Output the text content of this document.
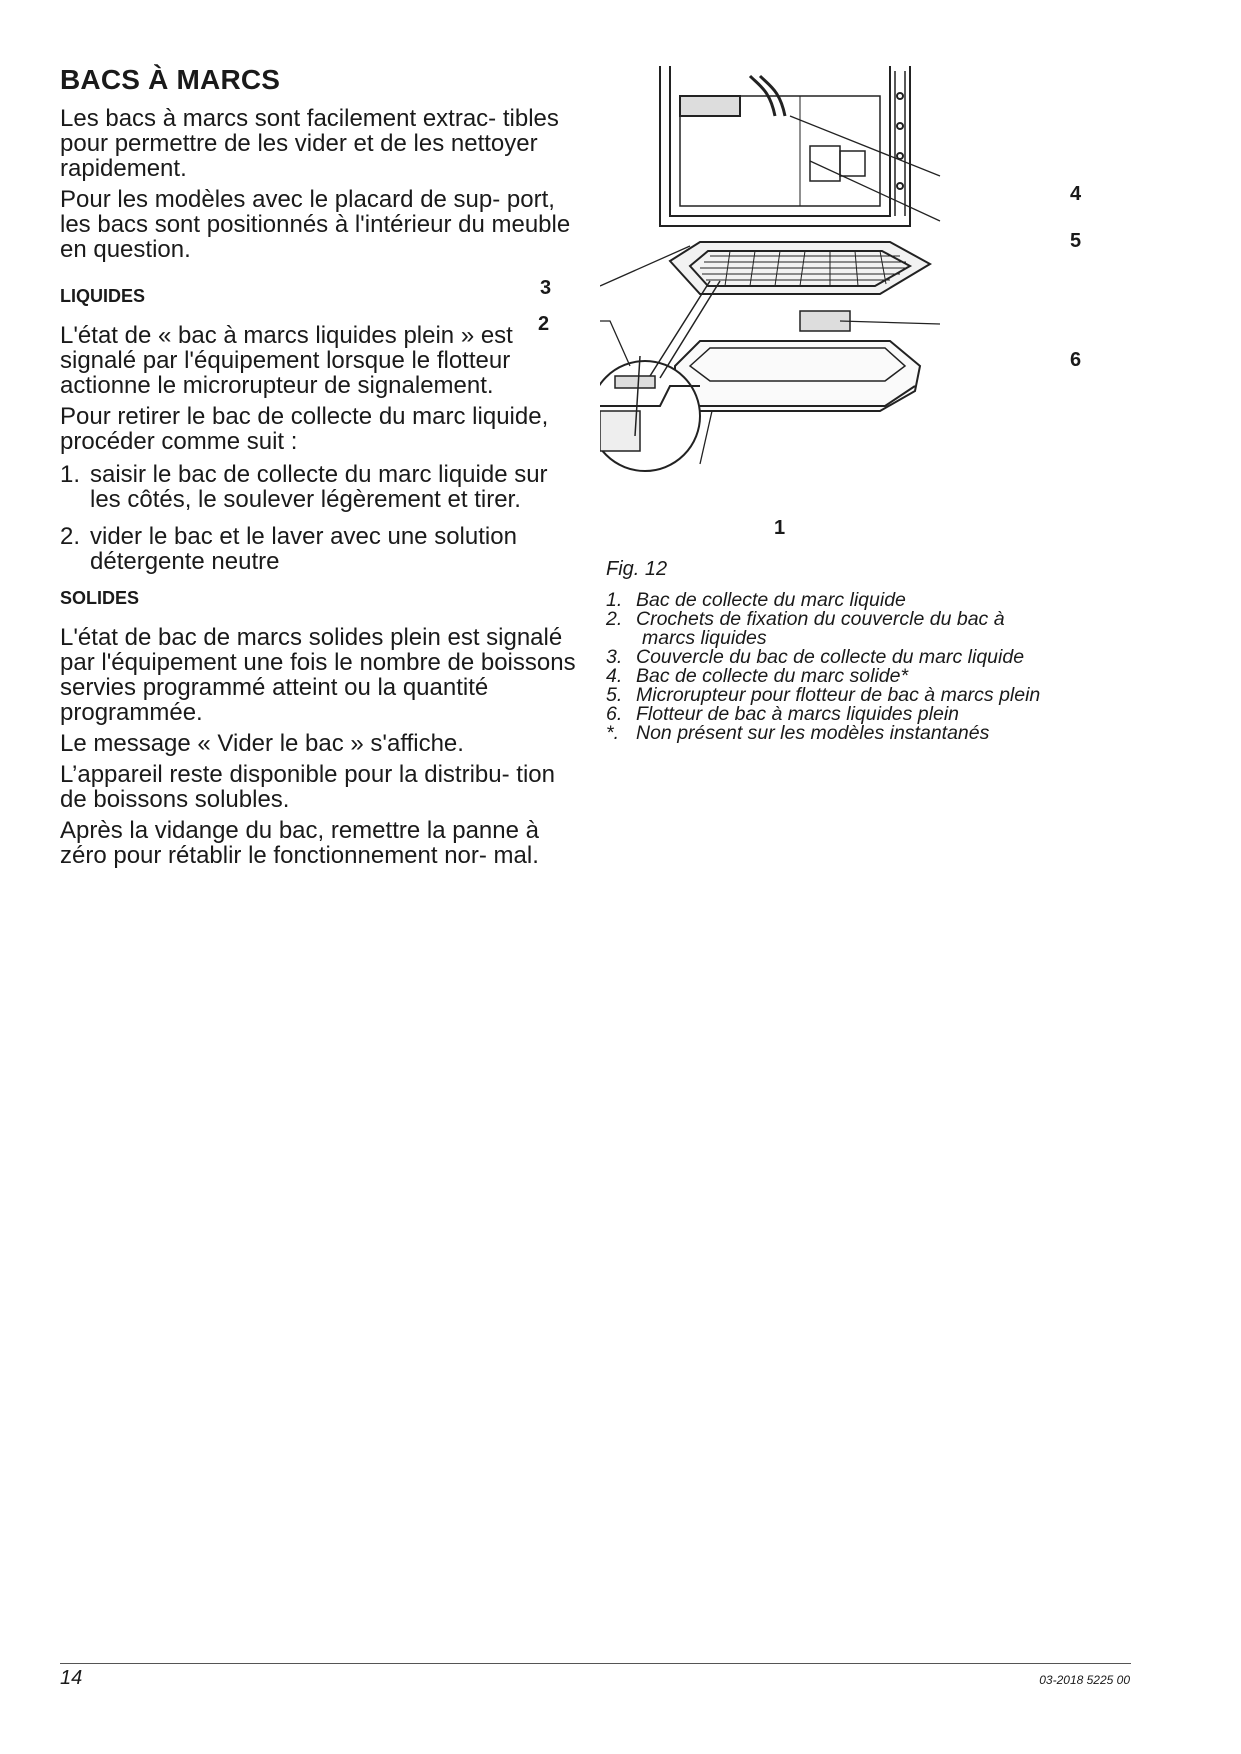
BACS À MARCS

Les bacs à marcs sont facilement extrac- tibles pour permettre de les vider et de les nettoyer rapidement.

Pour les modèles avec le placard de sup- port, les bacs sont positionnés à l'intérieur du meuble en question.

LIQUIDES

L'état de « bac à marcs liquides plein » est signalé par l'équipement lorsque le flotteur actionne le microrupteur de signalement.

Pour retirer le bac de collecte du marc liquide, procéder comme suit :

1. saisir le bac de collecte du marc liquide sur les côtés, le soulever légèrement et tirer.
2. vider le bac et le laver avec une solution détergente neutre
SOLIDES

L'état de bac de marcs solides plein est signalé par l'équipement une fois le nombre de boissons servies programmé atteint ou la quantité programmée.

Le message « Vider le bac » s'affiche.

L’appareil reste disponible pour la distribu- tion de boissons solubles.

Après la vidange du bac, remettre la panne à zéro pour rétablir le fonctionnement nor- mal.

3
2
4
5
6
1
Fig. 12
1. Bac de collecte du marc liquide
2. Crochets de fixation du couvercle du bac à
marcs liquides
3. Couvercle du bac de collecte du marc liquide
4. Bac de collecte du marc solide*
5. Microrupteur pour flotteur de bac à marcs plein
6. Flotteur de bac à marcs liquides plein
*. Non présent sur les modèles instantanés
14	03-2018 5225 00
